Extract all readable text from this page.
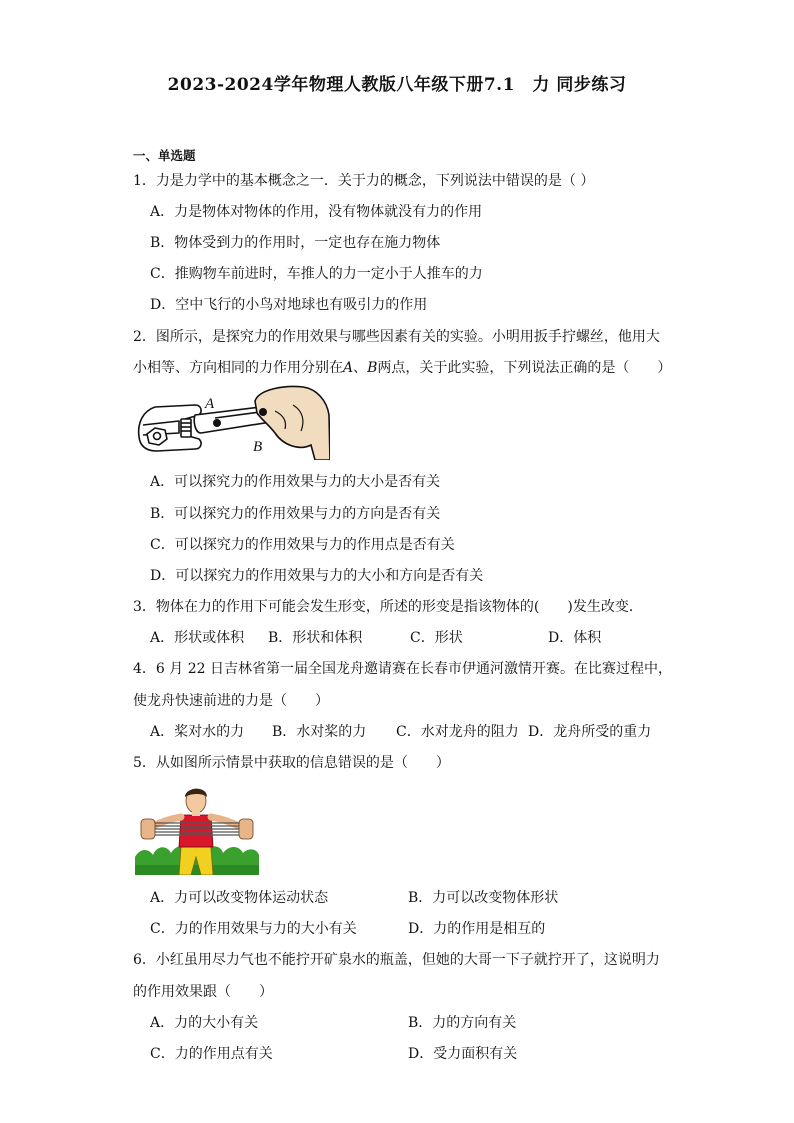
2023-2024学年物理人教版八年级下册7.1　力 同步练习
一、单选题
1．力是力学中的基本概念之一．关于力的概念，下列说法中错误的是（ ）
A．力是物体对物体的作用，没有物体就没有力的作用
B．物体受到力的作用时，一定也存在施力物体
C．推购物车前进时，车推人的力一定小于人推车的力
D．空中飞行的小鸟对地球也有吸引力的作用
2．图所示，是探究力的作用效果与哪些因素有关的实验。小明用扳手拧螺丝，他用大
小相等、方向相同的力作用分别在A、B两点，关于此实验，下列说法正确的是（　　）
A
B
A．可以探究力的作用效果与力的大小是否有关
B．可以探究力的作用效果与力的方向是否有关
C．可以探究力的作用效果与力的作用点是否有关
D．可以探究力的作用效果与力的大小和方向是否有关
3．物体在力的作用下可能会发生形变，所述的形变是指该物体的(　　)发生改变．
A．形状或体积 B．形状和体积	C．形状	D．体积
4．6 月 22 日吉林省第一届全国龙舟邀请赛在长春市伊通河激情开赛。在比赛过程中，
使龙舟快速前进的力是（　　）
A．桨对水的力 B．水对桨的力 C．水对龙舟的阻力 D．龙舟所受的重力
5．从如图所示情景中获取的信息错误的是（　　）
A．力可以改变物体运动状态	B．力可以改变物体形状
C．力的作用效果与力的大小有关	D．力的作用是相互的
6．小红虽用尽力气也不能拧开矿泉水的瓶盖，但她的大哥一下子就拧开了，这说明力
的作用效果跟（　　）
A．力的大小有关	B．力的方向有关
C．力的作用点有关	D．受力面积有关
